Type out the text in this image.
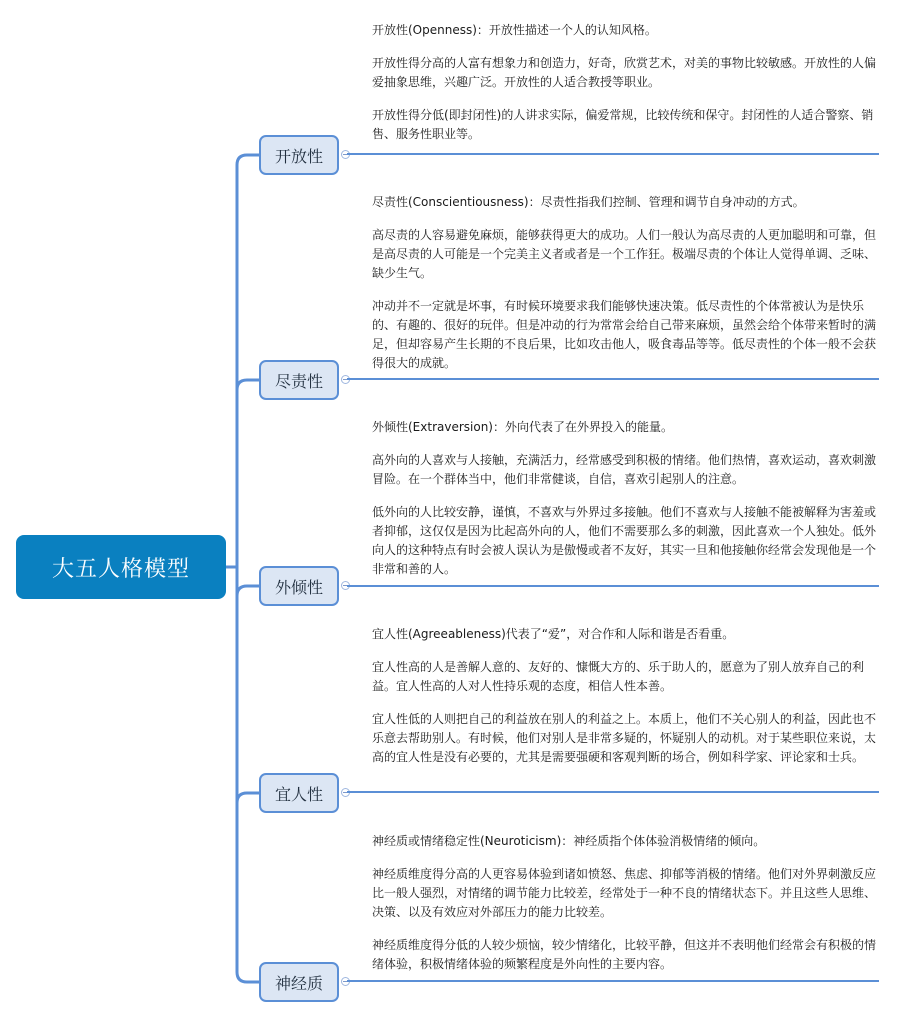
大五人格模型
开放性

开放性(Openness)：开放性描述一个人的认知风格。

开放性得分高的人富有想象力和创造力，好奇，欣赏艺术，对美的事物比较敏感。开放性的人偏爱抽象思维，兴趣广泛。开放性的人适合教授等职业。

开放性得分低(即封闭性)的人讲求实际，偏爱常规，比较传统和保守。封闭性的人适合警察、销售、服务性职业等。

尽责性

尽责性(Conscientiousness)：尽责性指我们控制、管理和调节自身冲动的方式。

高尽责的人容易避免麻烦，能够获得更大的成功。人们一般认为高尽责的人更加聪明和可靠，但是高尽责的人可能是一个完美主义者或者是一个工作狂。极端尽责的个体让人觉得单调、乏味、缺少生气。

冲动并不一定就是坏事，有时候环境要求我们能够快速决策。低尽责性的个体常被认为是快乐的、有趣的、很好的玩伴。但是冲动的行为常常会给自己带来麻烦，虽然会给个体带来暂时的满足，但却容易产生长期的不良后果，比如攻击他人，吸食毒品等等。低尽责性的个体一般不会获得很大的成就。

外倾性

外倾性(Extraversion)：外向代表了在外界投入的能量。

高外向的人喜欢与人接触，充满活力，经常感受到积极的情绪。他们热情，喜欢运动，喜欢刺激冒险。在一个群体当中，他们非常健谈，自信，喜欢引起别人的注意。

低外向的人比较安静，谨慎，不喜欢与外界过多接触。他们不喜欢与人接触不能被解释为害羞或者抑郁，这仅仅是因为比起高外向的人，他们不需要那么多的刺激，因此喜欢一个人独处。低外向人的这种特点有时会被人误认为是傲慢或者不友好，其实一旦和他接触你经常会发现他是一个非常和善的人。

宜人性

宜人性(Agreeableness)代表了“爱”，对合作和人际和谐是否看重。

宜人性高的人是善解人意的、友好的、慷慨大方的、乐于助人的，愿意为了别人放弃自己的利益。宜人性高的人对人性持乐观的态度，相信人性本善。

宜人性低的人则把自己的利益放在别人的利益之上。本质上，他们不关心别人的利益，因此也不乐意去帮助别人。有时候，他们对别人是非常多疑的，怀疑别人的动机。对于某些职位来说，太高的宜人性是没有必要的，尤其是需要强硬和客观判断的场合，例如科学家、评论家和士兵。

神经质

神经质或情绪稳定性(Neuroticism)：神经质指个体体验消极情绪的倾向。

神经质维度得分高的人更容易体验到诸如愤怒、焦虑、抑郁等消极的情绪。他们对外界刺激反应比一般人强烈，对情绪的调节能力比较差，经常处于一种不良的情绪状态下。并且这些人思维、决策、以及有效应对外部压力的能力比较差。

神经质维度得分低的人较少烦恼，较少情绪化，比较平静，但这并不表明他们经常会有积极的情绪体验，积极情绪体验的频繁程度是外向性的主要内容。
